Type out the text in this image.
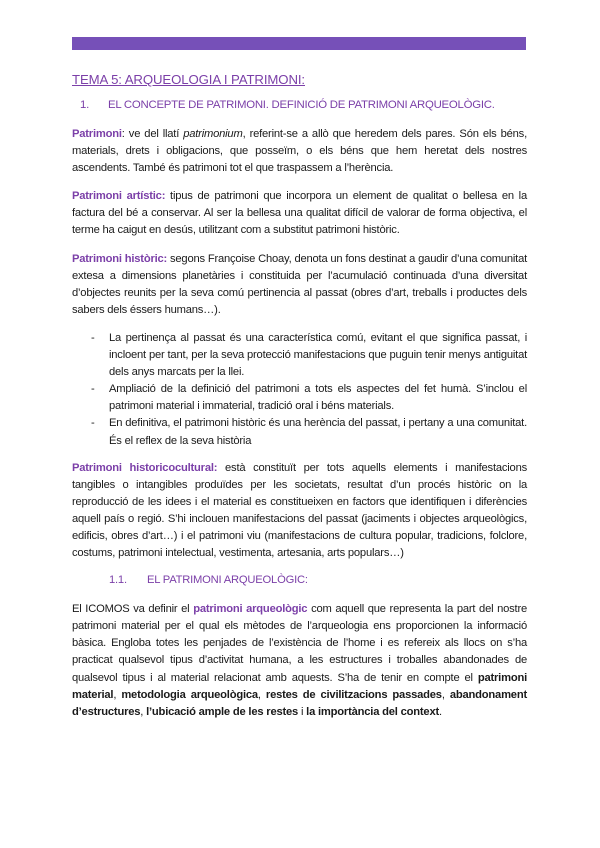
TEMA 5: ARQUEOLOGIA I PATRIMONI:
1. EL CONCEPTE DE PATRIMONI. DEFINICIÓ DE PATRIMONI ARQUEOLÒGIC.

Patrimoni: ve del llatí patrimonium, referint-se a allò que heredem dels pares. Són els béns, materials, drets i obligacions, que posseïm, o els béns que hem heretat dels nostres ascendents. També és patrimoni tot el que traspassem a l’herència.

Patrimoni artístic: tipus de patrimoni que incorpora un element de qualitat o bellesa en la factura del bé a conservar. Al ser la bellesa una qualitat difícil de valorar de forma objectiva, el terme ha caigut en desús, utilitzant com a substitut patrimoni històric.

Patrimoni històric: segons Françoise Choay, denota un fons destinat a gaudir d’una comunitat extesa a dimensions planetàries i constituida per l’acumulació continuada d’una diversitat d’objectes reunits per la seva comú pertinencia al passat (obres d’art, treballs i productes dels sabers dels éssers humans…).

- La pertinença al passat és una característica comú, evitant el que significa passat, i incloent per tant, per la seva protecció manifestacions que puguin tenir menys antiguitat dels anys marcats per la llei.
- Ampliació de la definició del patrimoni a tots els aspectes del fet humà. S’inclou el patrimoni material i immaterial, tradició oral i béns materials.
- En definitiva, el patrimoni històric és una herència del passat, i pertany a una comunitat. És el reflex de la seva història

Patrimoni historicocultural: està constituït per tots aquells elements i manifestacions tangibles o intangibles produïdes per les societats, resultat d’un procés històric on la reproducció de les idees i el material es constitueixen en factors que identifiquen i diferències aquell país o regió. S’hi inclouen manifestacions del passat (jaciments i objectes arqueològics, edificis, obres d’art…) i el patrimoni viu (manifestacions de cultura popular, tradicions, folclore, costums, patrimoni intelectual, vestimenta, artesania, arts populars…)

1.1. EL PATRIMONI ARQUEOLÒGIC:

El ICOMOS va definir el patrimoni arqueològic com aquell que representa la part del nostre patrimoni material per el qual els mètodes de l’arqueologia ens proporcionen la informació bàsica. Engloba totes les penjades de l’existència de l’home i es refereix als llocs on s’ha practicat qualsevol tipus d’activitat humana, a les estructures i troballes abandonades de qualsevol tipus i al material relacionat amb aquests. S’ha de tenir en compte el patrimoni material, metodologia arqueològica, restes de civilitzacions passades, abandonament d’estructures, l’ubicació ample de les restes i la importància del context.
